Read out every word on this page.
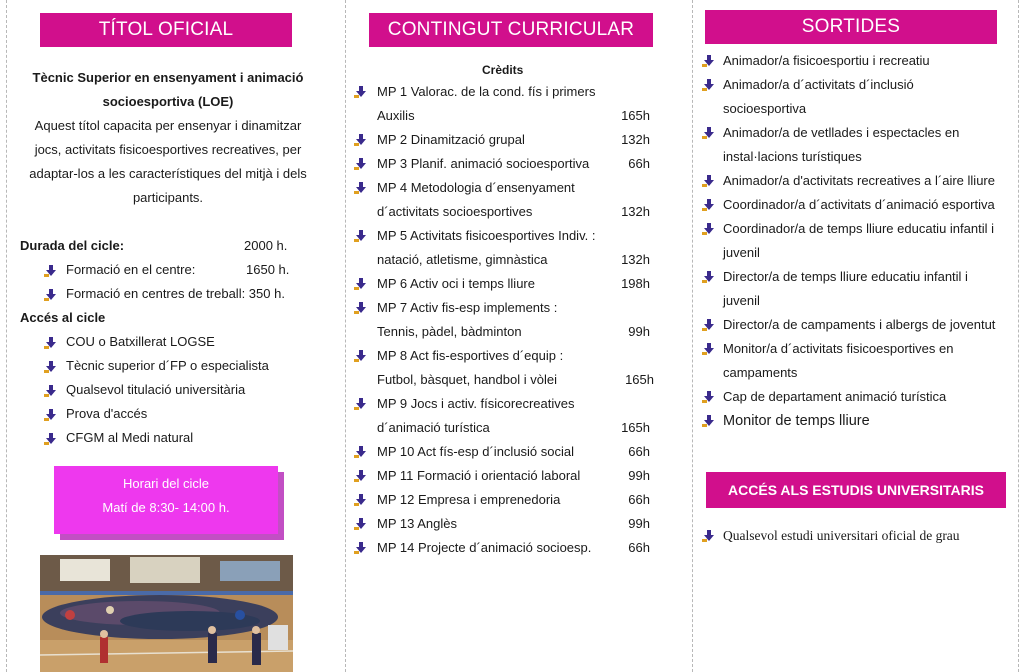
TÍTOL OFICIAL
Tècnic Superior en ensenyament i animació
socioesportiva (LOE)
Aquest títol capacita per ensenyar i dinamitzar
jocs, activitats fisicoesportives recreatives, per
adaptar-los a les característiques del mitjà i dels
participants.
Durada del cicle:	2000 h.
Formació en el centre:	1650 h.
Formació en centres de treball: 350 h.
Accés al cicle
COU o Batxillerat LOGSE
Tècnic superior d´FP o especialista
Qualsevol titulació universitària
Prova d'accés
CFGM al Medi natural
Horari del cicle
Matí de 8:30- 14:00 h.
CONTINGUT CURRICULAR
Crèdits
MP 1 Valorac. de la cond. fís i primers
Auxilis	165h
MP 2 Dinamització grupal	132h
MP 3 Planif. animació socioesportiva	66h
MP 4 Metodologia d´ensenyament
d´activitats socioesportives	132h
MP 5 Activitats fisicoesportives Indiv. :
natació, atletisme, gimnàstica	132h
MP 6 Activ oci i temps lliure	198h
MP 7 Activ fis-esp implements :
Tennis, pàdel, bàdminton	99h
MP 8 Act fis-esportives d´equip :
Futbol, bàsquet, handbol i vòlei	165h
MP 9 Jocs i activ. físicorecreatives
d´animació turística	165h
MP 10 Act fís-esp d´inclusió social	66h
MP 11 Formació i orientació laboral	99h
MP 12 Empresa i emprenedoria	66h
MP 13 Anglès	99h
MP 14 Projecte d´animació socioesp.	66h
SORTIDES
Animador/a fisicoesportiu i recreatiu
Animador/a d´activitats d´inclusió
socioesportiva
Animador/a de vetllades i espectacles en
instal·lacions turístiques
Animador/a d'activitats recreatives a l´aire lliure
Coordinador/a d´activitats d´animació esportiva
Coordinador/a de temps lliure educatiu infantil i
juvenil
Director/a de temps lliure educatiu infantil i
juvenil
Director/a de campaments i albergs de joventut
Monitor/a d´activitats fisicoesportives en
campaments
Cap de departament animació turística
Monitor de temps lliure
ACCÉS ALS ESTUDIS UNIVERSITARIS
Qualsevol estudi universitari oficial de grau
